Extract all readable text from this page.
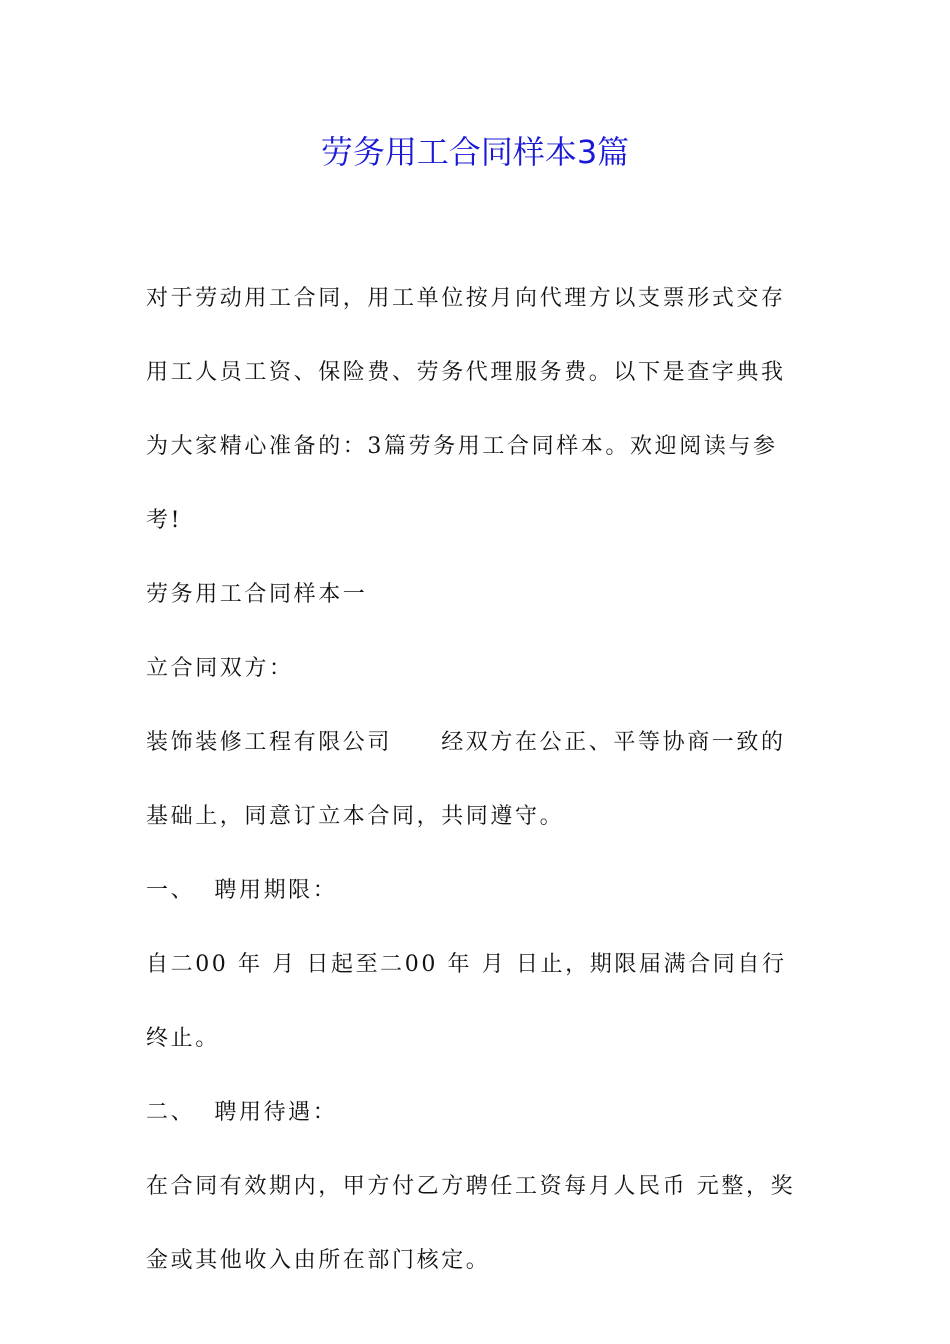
劳务用工合同样本3篇

对于劳动用工合同，用工单位按月向代理方以支票形式交存用工人员工资、保险费、劳务代理服务费。以下是查字典我为大家精心准备的：3篇劳务用工合同样本。欢迎阅读与参考!

劳务用工合同样本一

立合同双方：

装饰装修工程有限公司　　经双方在公正、平等协商一致的基础上，同意订立本合同，共同遵守。

一、  聘用期限：

自二00 年 月 日起至二00 年 月 日止，期限届满合同自行终止。

二、  聘用待遇：

在合同有效期内，甲方付乙方聘任工资每月人民币 元整，奖金或其他收入由所在部门核定。
